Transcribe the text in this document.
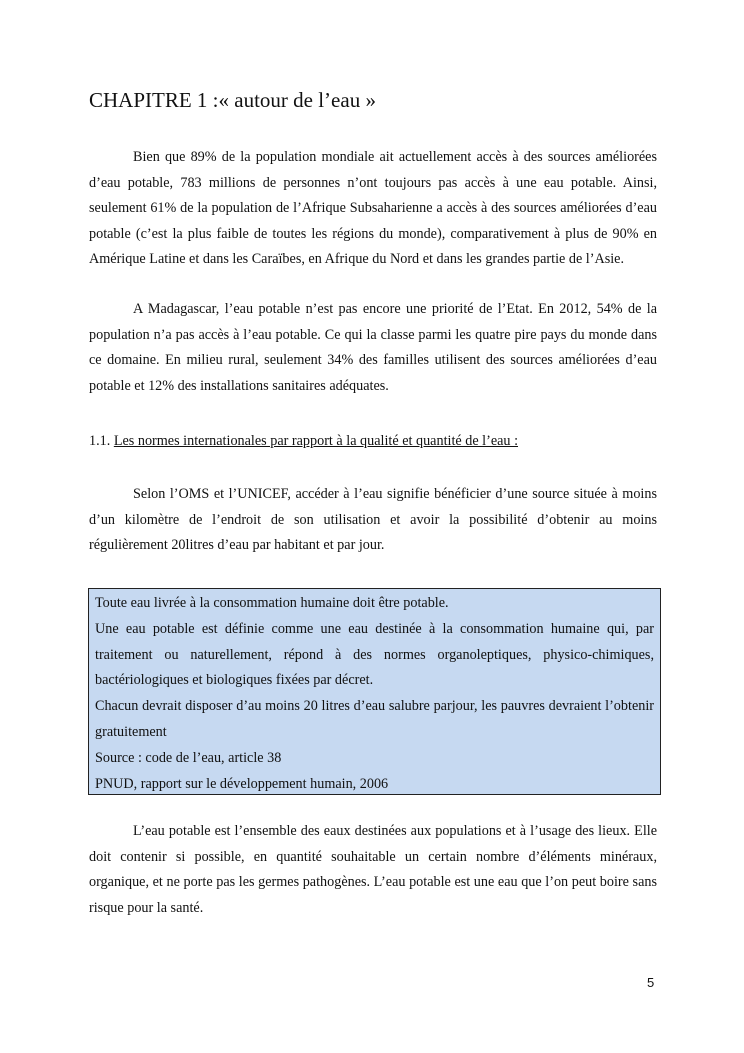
CHAPITRE 1 :« autour de l’eau »

Bien que 89% de la population mondiale ait actuellement accès à des sources améliorées d’eau potable, 783 millions de personnes n’ont toujours pas accès à une eau potable. Ainsi, seulement 61% de la population de l’Afrique Subsaharienne a accès à des sources améliorées d’eau potable (c’est la plus faible de toutes les régions du monde), comparativement à plus de 90% en Amérique Latine et dans les Caraïbes, en Afrique du Nord et dans les grandes partie de l’Asie.

A Madagascar, l’eau potable n’est pas encore une priorité de l’Etat. En 2012, 54% de la population n’a pas accès à l’eau potable. Ce qui la classe parmi les quatre pire pays du monde dans ce domaine. En milieu rural, seulement 34% des familles utilisent des sources améliorées d’eau potable et 12% des installations sanitaires adéquates.

1.1. Les normes internationales par rapport à la qualité et quantité de l’eau :

Selon l’OMS et l’UNICEF, accéder à l’eau signifie bénéficier d’une source située à moins d’un kilomètre de l’endroit de son utilisation et avoir la possibilité d’obtenir au moins régulièrement 20litres d’eau par habitant et par jour.

Toute eau livrée à la consommation humaine doit être potable.

Une eau potable est définie comme une eau destinée à la consommation humaine qui, par traitement ou naturellement, répond à des normes organoleptiques, physico-chimiques, bactériologiques et biologiques fixées par décret.

Chacun devrait disposer d’au moins 20 litres d’eau salubre parjour, les pauvres devraient l’obtenir gratuitement

Source : code de l’eau, article 38

PNUD, rapport sur le développement humain, 2006

L’eau potable est l’ensemble des eaux destinées aux populations et à l’usage des lieux. Elle doit contenir si possible, en quantité souhaitable un certain nombre d’éléments minéraux, organique, et ne porte pas les germes pathogènes. L’eau potable est une eau que l’on peut boire sans risque pour la santé.

5
